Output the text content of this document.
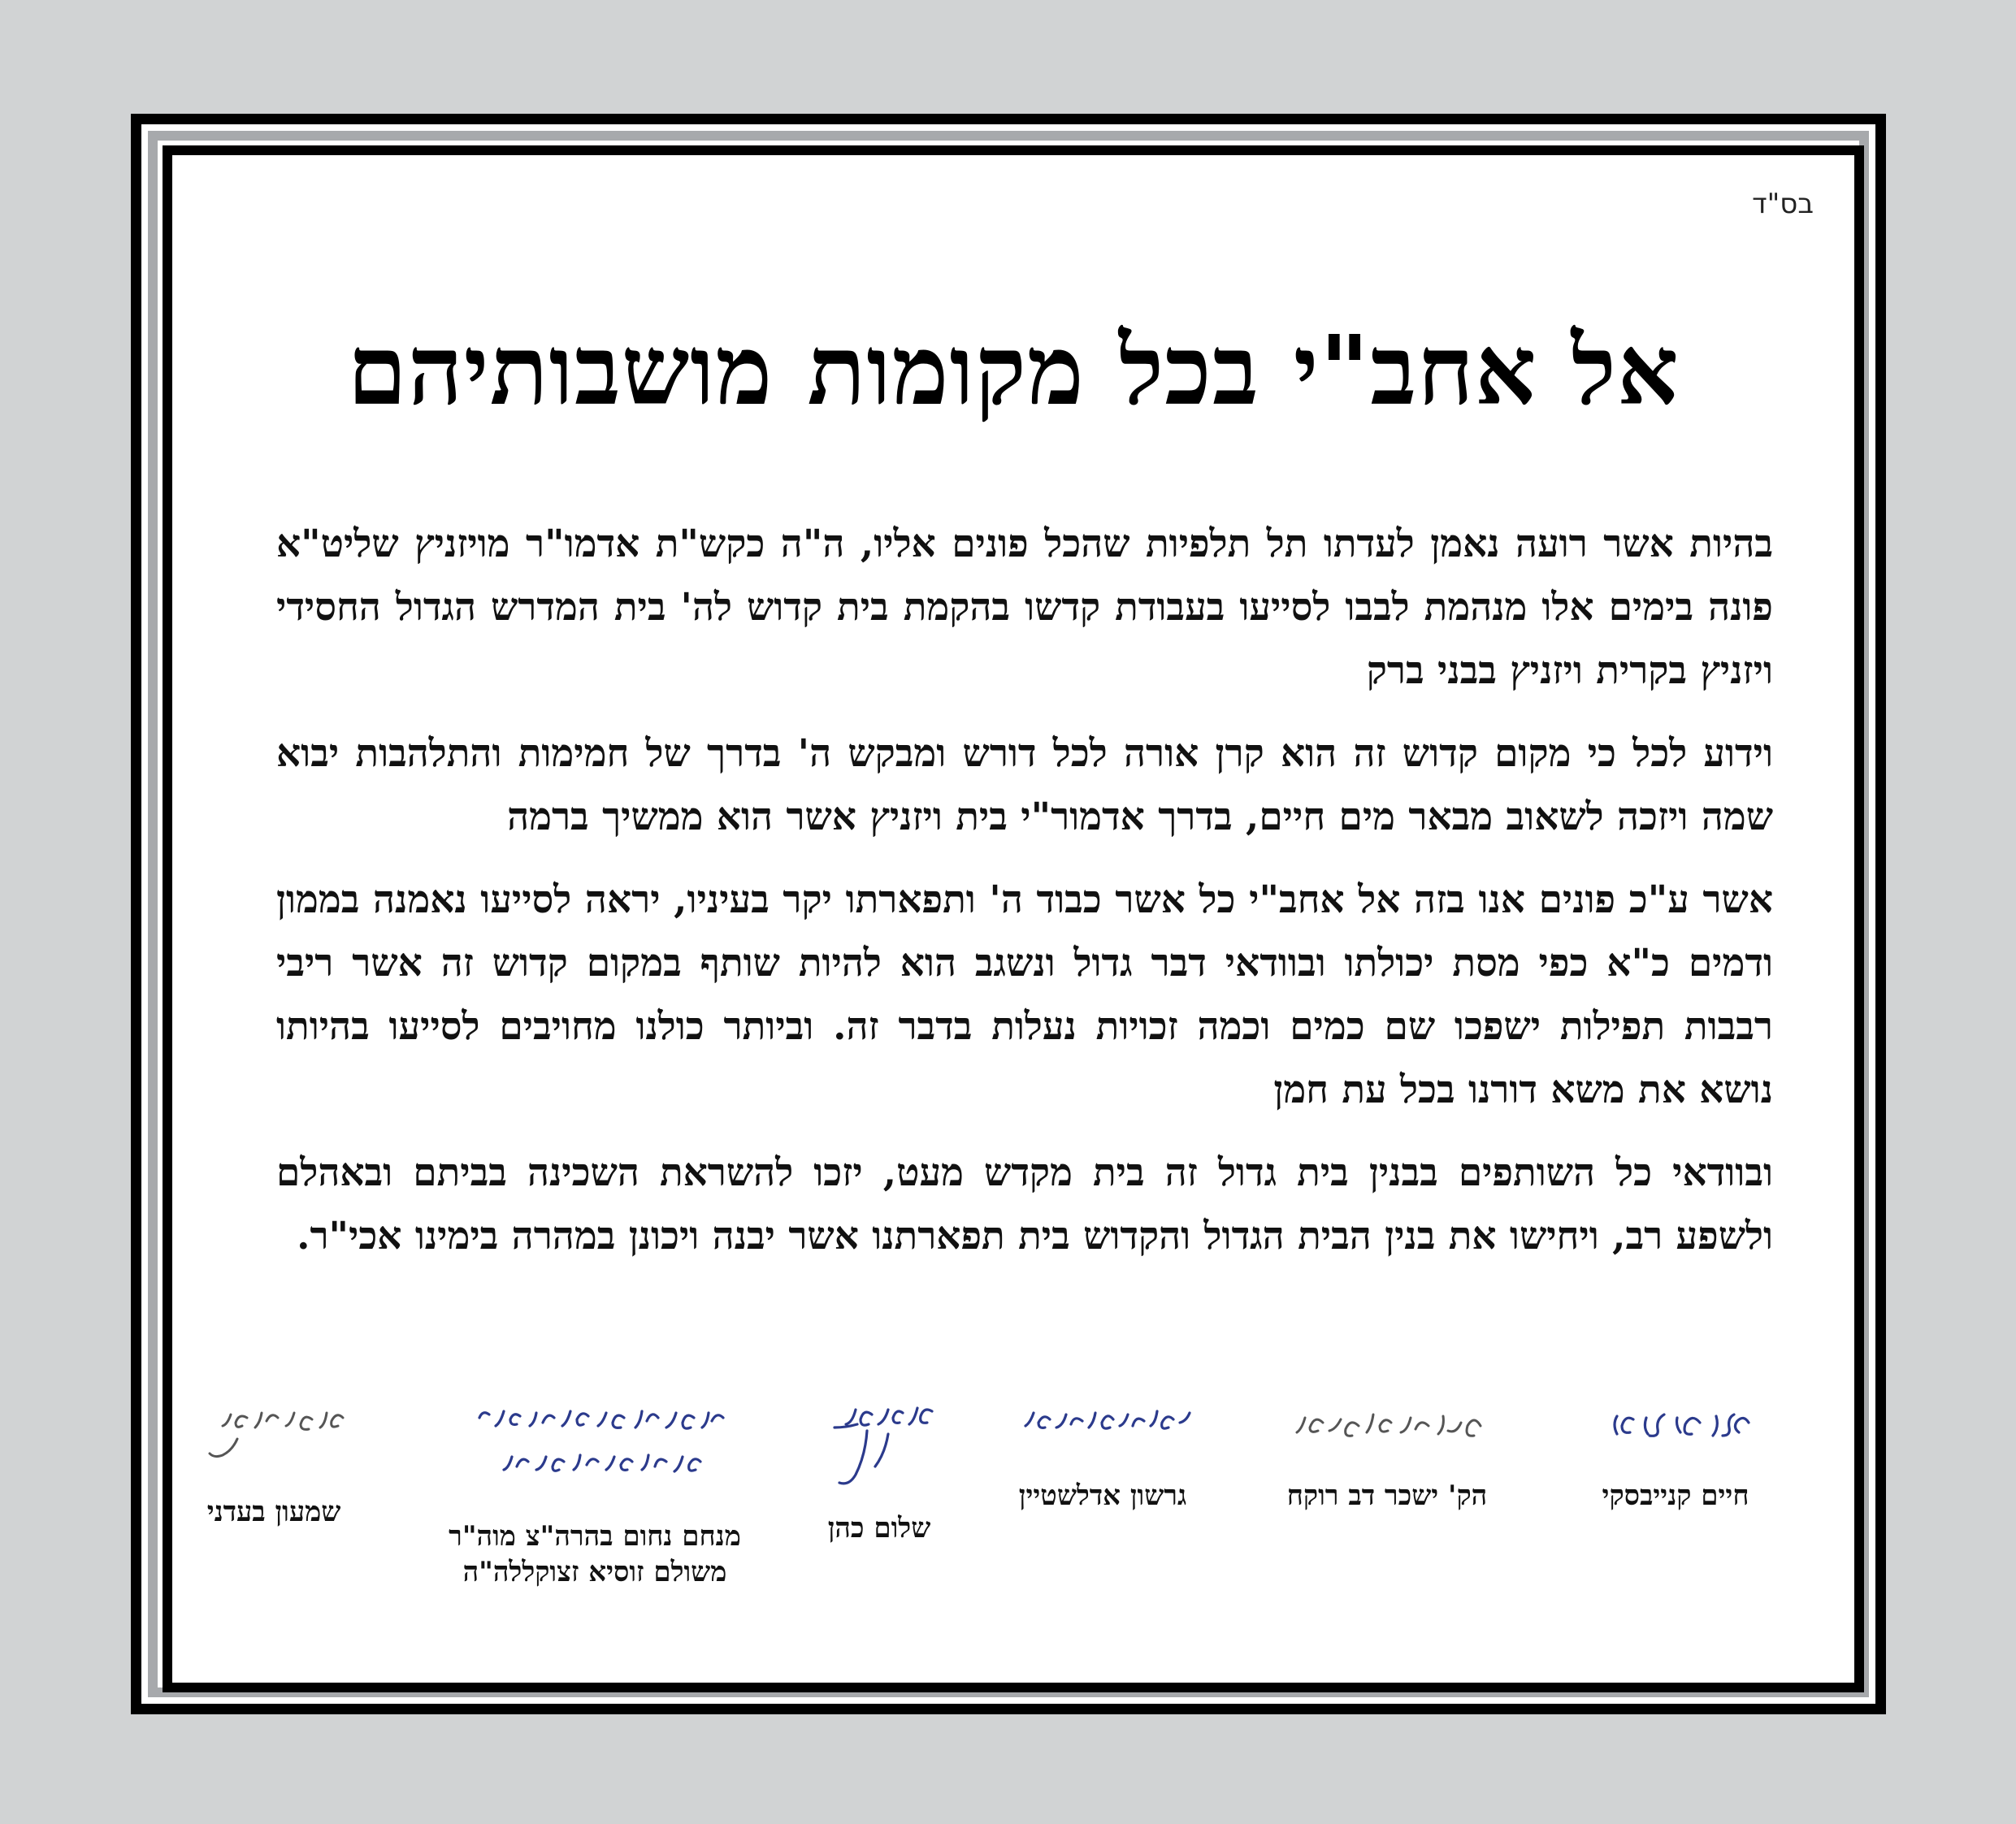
בס"ד
אל אחב"י בכל מקומות מושבותיהם

בהיות אשר רועה נאמן לעדתו תל תלפיות שהכל פונים אליו, ה"ה כקש"ת אדמו"ר מויזניץ שליט"א פונה בימים אלו מנהמת לבבו לסייעו בעבודת קדשו בהקמת בית קדוש לה' בית המדרש הגדול החסידי ויזניץ בקרית ויזניץ בבני ברק

וידוע לכל כי מקום קדוש זה הוא קרן אורה לכל דורש ומבקש ה' בדרך של חמימות והתלהבות יבוא שמה ויזכה לשאוב מבאר מים חיים, בדרך אדמור"י בית ויזניץ אשר הוא ממשיך ברמה

אשר ע"כ פונים אנו בזה אל אחב"י כל אשר כבוד ה' ותפארתו יקר בעיניו, יראה לסייעו נאמנה בממון ודמים כ"א כפי מסת יכולתו ובוודאי דבר גדול ונשגב הוא להיות שותף במקום קדוש זה אשר ריבי רבבות תפילות ישפכו שם כמים וכמה זכויות נעלות בדבר זה. וביותר כולנו מחויבים לסייעו בהיותו נושא את משא דורנו בכל עת חמן

ובוודאי כל השותפים בבנין בית גדול זה בית מקדש מעט, יזכו להשראת השכינה בביתם ובאהלם ולשפע רב, ויחישו את בנין הבית הגדול והקדוש בית תפארתנו אשר יבנה ויכונן במהרה בימינו אכי"ר.

חיים קנייבסקי
הק' ישכר דב רוקח
גרשון אדלשטיין
שלום כהן
מנחם נחום בהרה"צ מוה"ר
משולם זוסיא זצוקללה"ה
שמעון בעדני
